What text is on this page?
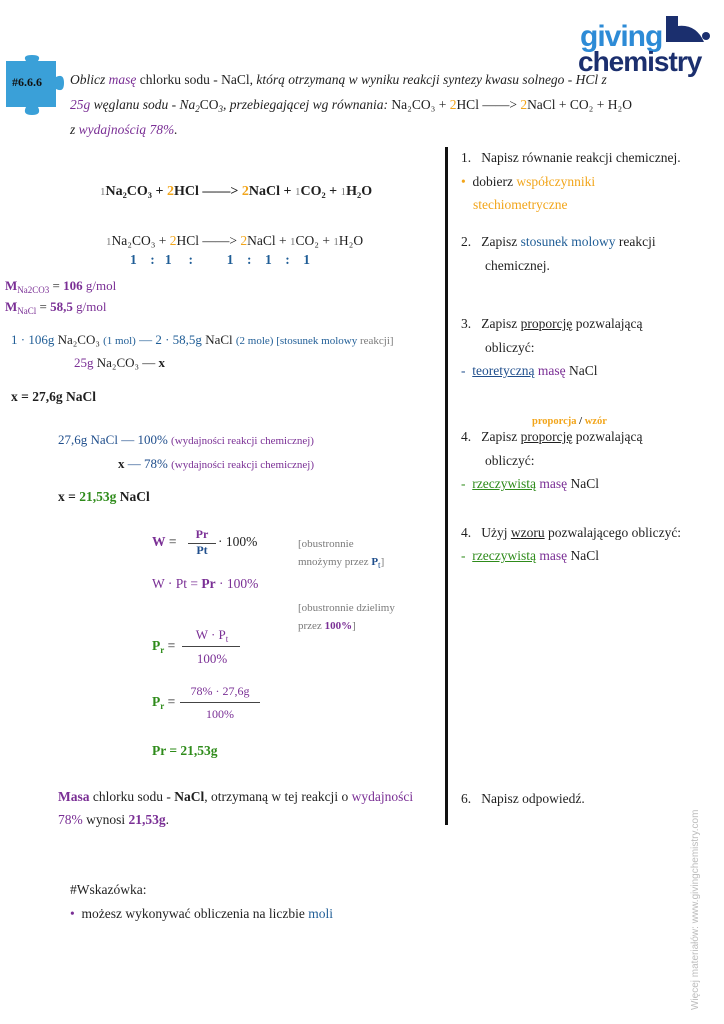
giving
chemistry
#6.6.6 Oblicz masę chlorku sodu - NaCl, którą otrzymaną w wyniku reakcji syntezy kwasu solnego - HCl z
25g węglanu sodu - $Na_2CO_3$, przebiegającej wg równania: Na₂CO₃ + 2HCl ——> 2NaCl + CO₂ + H₂O
z wydajnością 78%.
1Na₂CO₃ + 2HCl ——> 2NaCl + 1CO₂ + 1H₂O
1Na₂CO₃ + 2HCl ——> 2NaCl + 1CO₂ + 1H₂O
1    :   1     :          1    :    1    :    1
$M_{Na2CO3} = 106$ g/mol
$M_{NaCl} = 58,5$ g/mol
1 · 106g Na₂CO₃ (1 mol) — 2 · 58,5g NaCl (2 mole) [stosunek molowy reakcji]
25g Na₂CO₃ — x
x = 27,6g NaCl
27,6g NaCl — 100% (wydajności reakcji chemicznej)
x — 78% (wydajności reakcji chemicznej)
x = 21,53g NaCl
W =	Pr
Pt
· 100%	[obustronnie
mnożymy przez $P_t$]
W · Pt = Pr · 100%
[obustronnie dzielimy
przez 100%]
$P_r$ =
$W \cdot P_t$
100%
$P_r$ =
78% · 27,6g
100%
Pr = 21,53g
Masa chlorku sodu - NaCl, otrzymaną w tej reakcji o wydajności
78% wynosi 21,53g.
#Wskazówka:
• możesz wykonywać obliczenia na liczbie moli
1. Napisz równanie reakcji chemicznej.
• dobierz współczynniki
stechiometryczne
2. Zapisz stosunek molowy reakcji
chemicznej.
3. Zapisz proporcję pozwalającą
obliczyć:
- teoretyczną masę NaCl
proporcja / wzór
4. Zapisz proporcję pozwalającą
obliczyć:
- rzeczywistą masę NaCl
4. Użyj wzoru pozwalającego obliczyć:
- rzeczywistą masę NaCl
6. Napisz odpowiedź.
Więcej materiałów: www.givingchemistry.com
